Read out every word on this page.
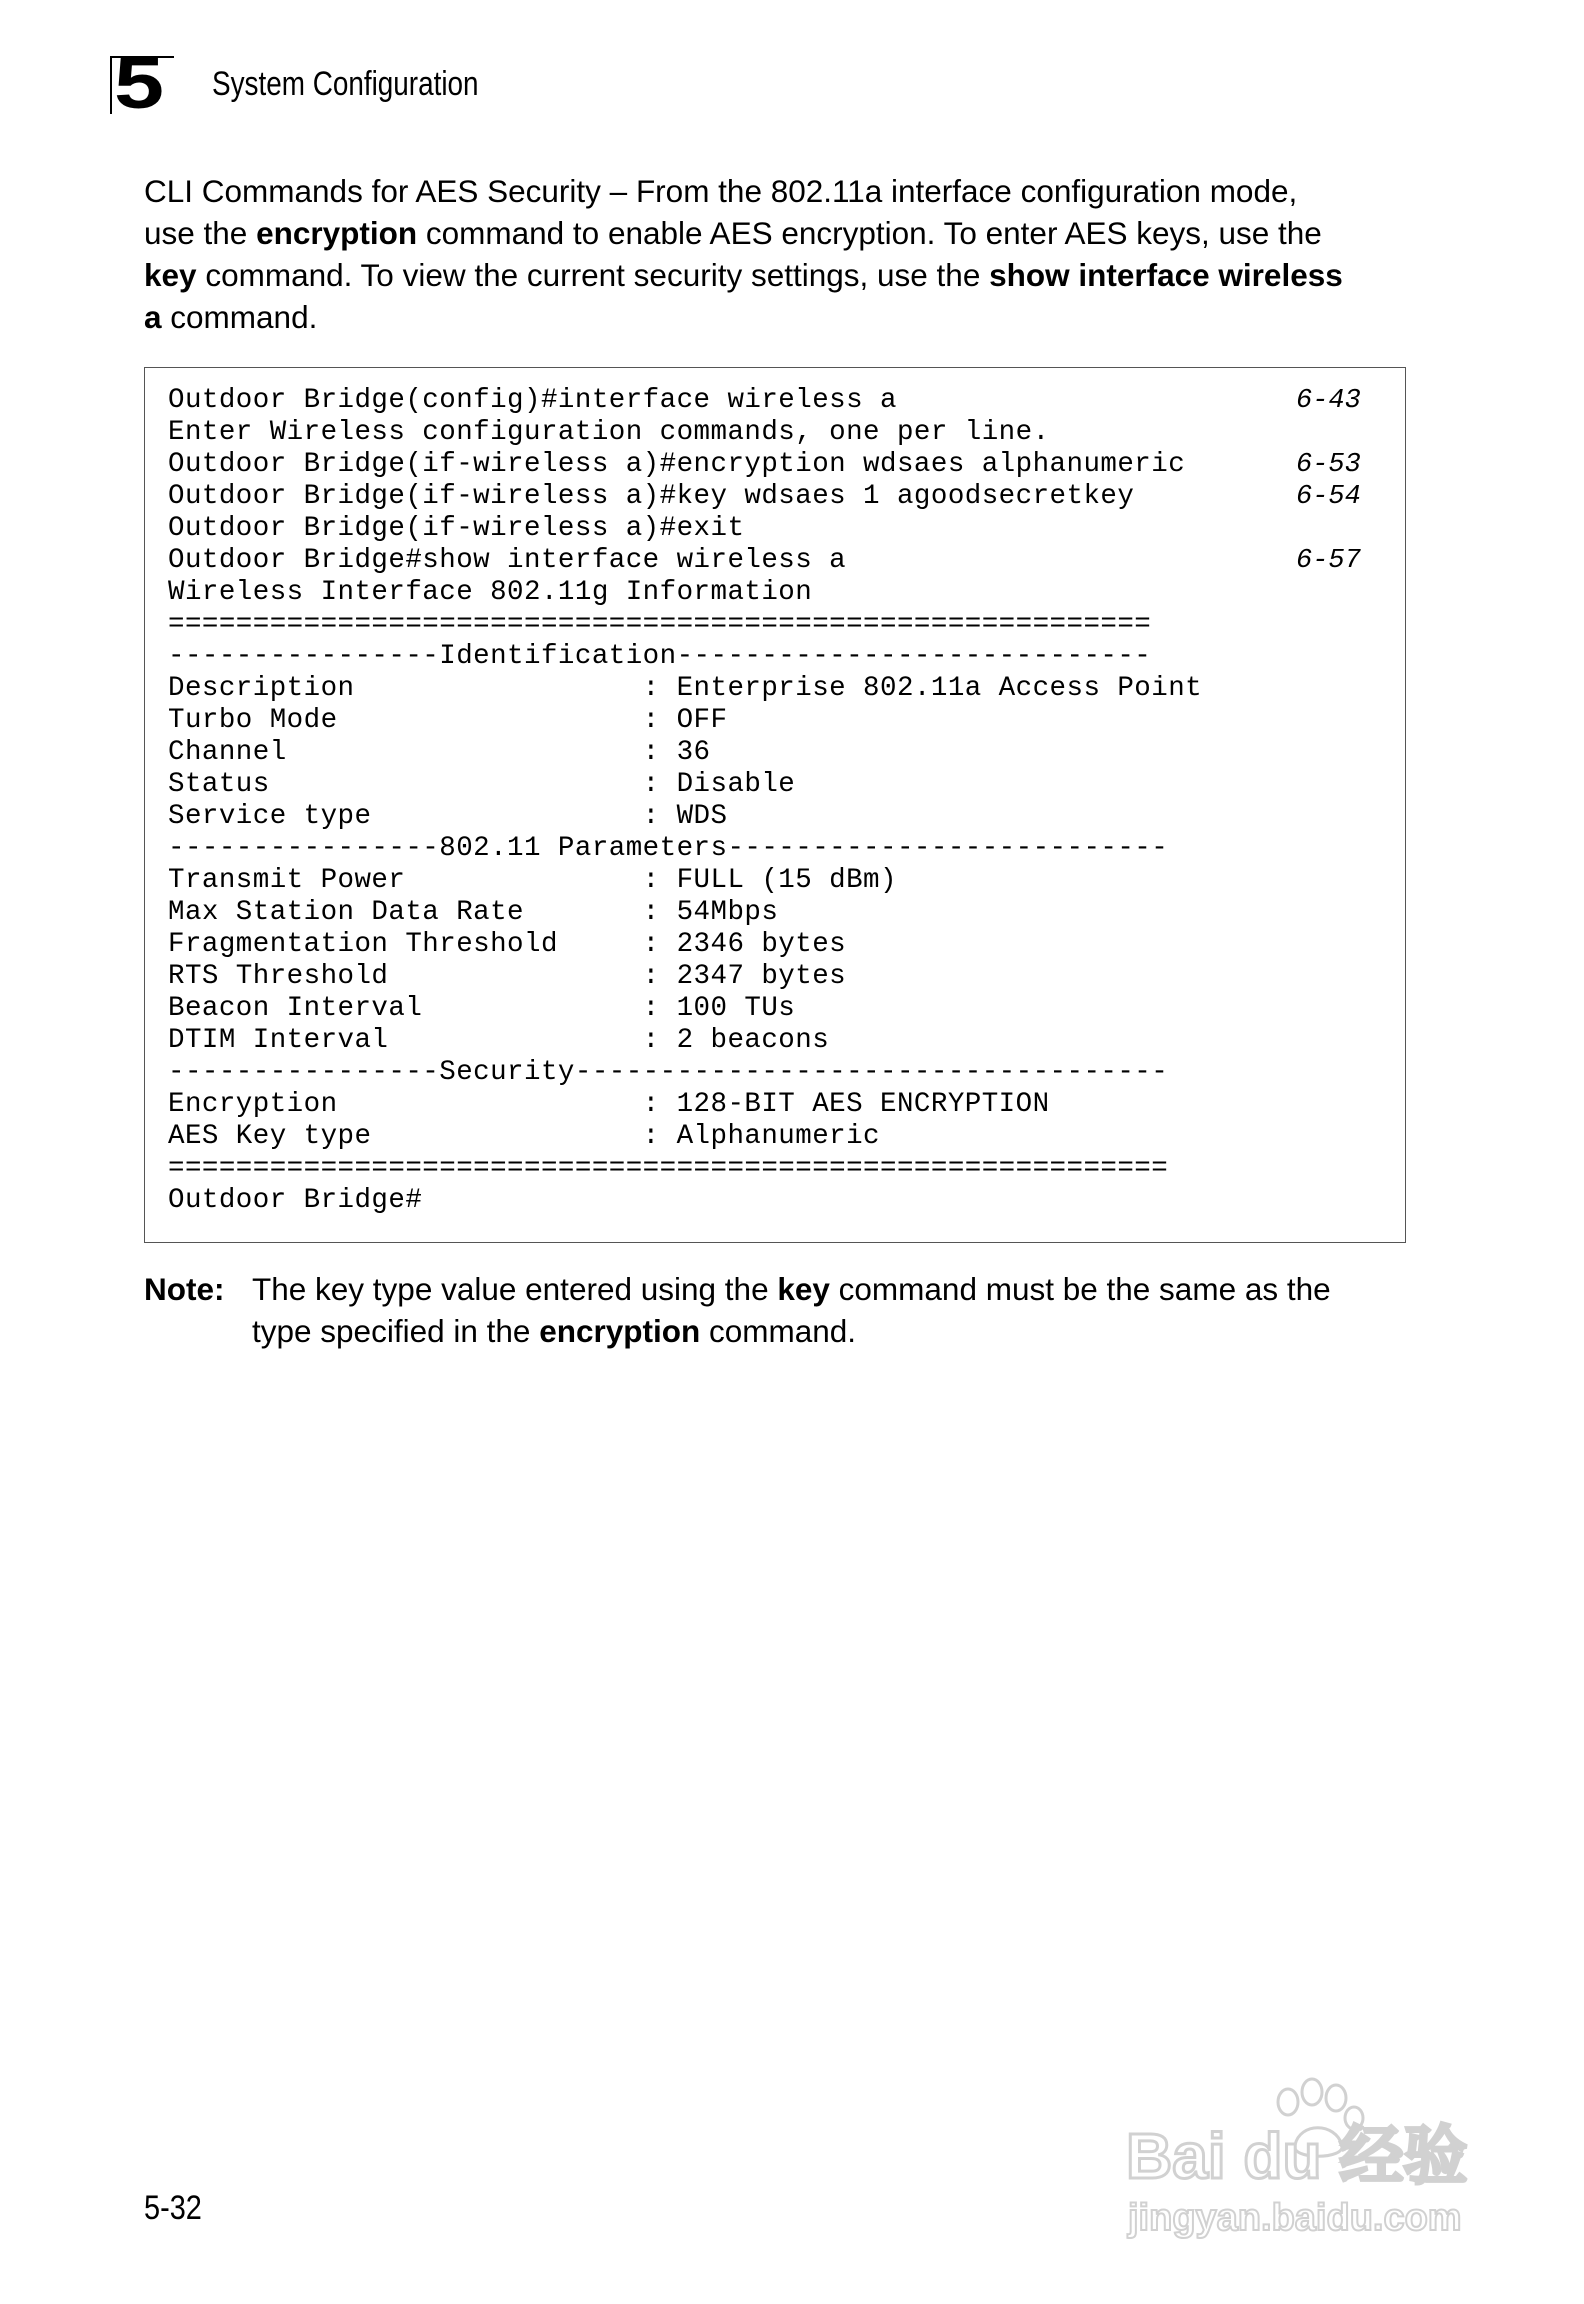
5 System Configuration
CLI Commands for AES Security – From the 802.11a interface configuration mode,
use the encryption command to enable AES encryption. To enter AES keys, use the
key command. To view the current security settings, use the show interface wireless
a command.
Outdoor Bridge(config)#interface wireless a
Enter Wireless configuration commands, one per line.
Outdoor Bridge(if-wireless a)#encryption wdsaes alphanumeric
Outdoor Bridge(if-wireless a)#key wdsaes 1 agoodsecretkey
Outdoor Bridge(if-wireless a)#exit
Outdoor Bridge#show interface wireless a
Wireless Interface 802.11g Information
==========================================================
----------------Identification----------------------------
Description                 : Enterprise 802.11a Access Point
Turbo Mode                  : OFF
Channel                     : 36
Status                      : Disable
Service type                : WDS
----------------802.11 Parameters--------------------------
Transmit Power              : FULL (15 dBm)
Max Station Data Rate       : 54Mbps
Fragmentation Threshold     : 2346 bytes
RTS Threshold               : 2347 bytes
Beacon Interval             : 100 TUs
DTIM Interval               : 2 beacons
----------------Security-----------------------------------
Encryption                  : 128-BIT AES ENCRYPTION
AES Key type                : Alphanumeric
===========================================================
Outdoor Bridge#
6-43
6-53
6-54
6-57
Note: The key type value entered using the key command must be the same as the
type specified in the encryption command.
5-32
Bai du 经验
jingyan.baidu.com
